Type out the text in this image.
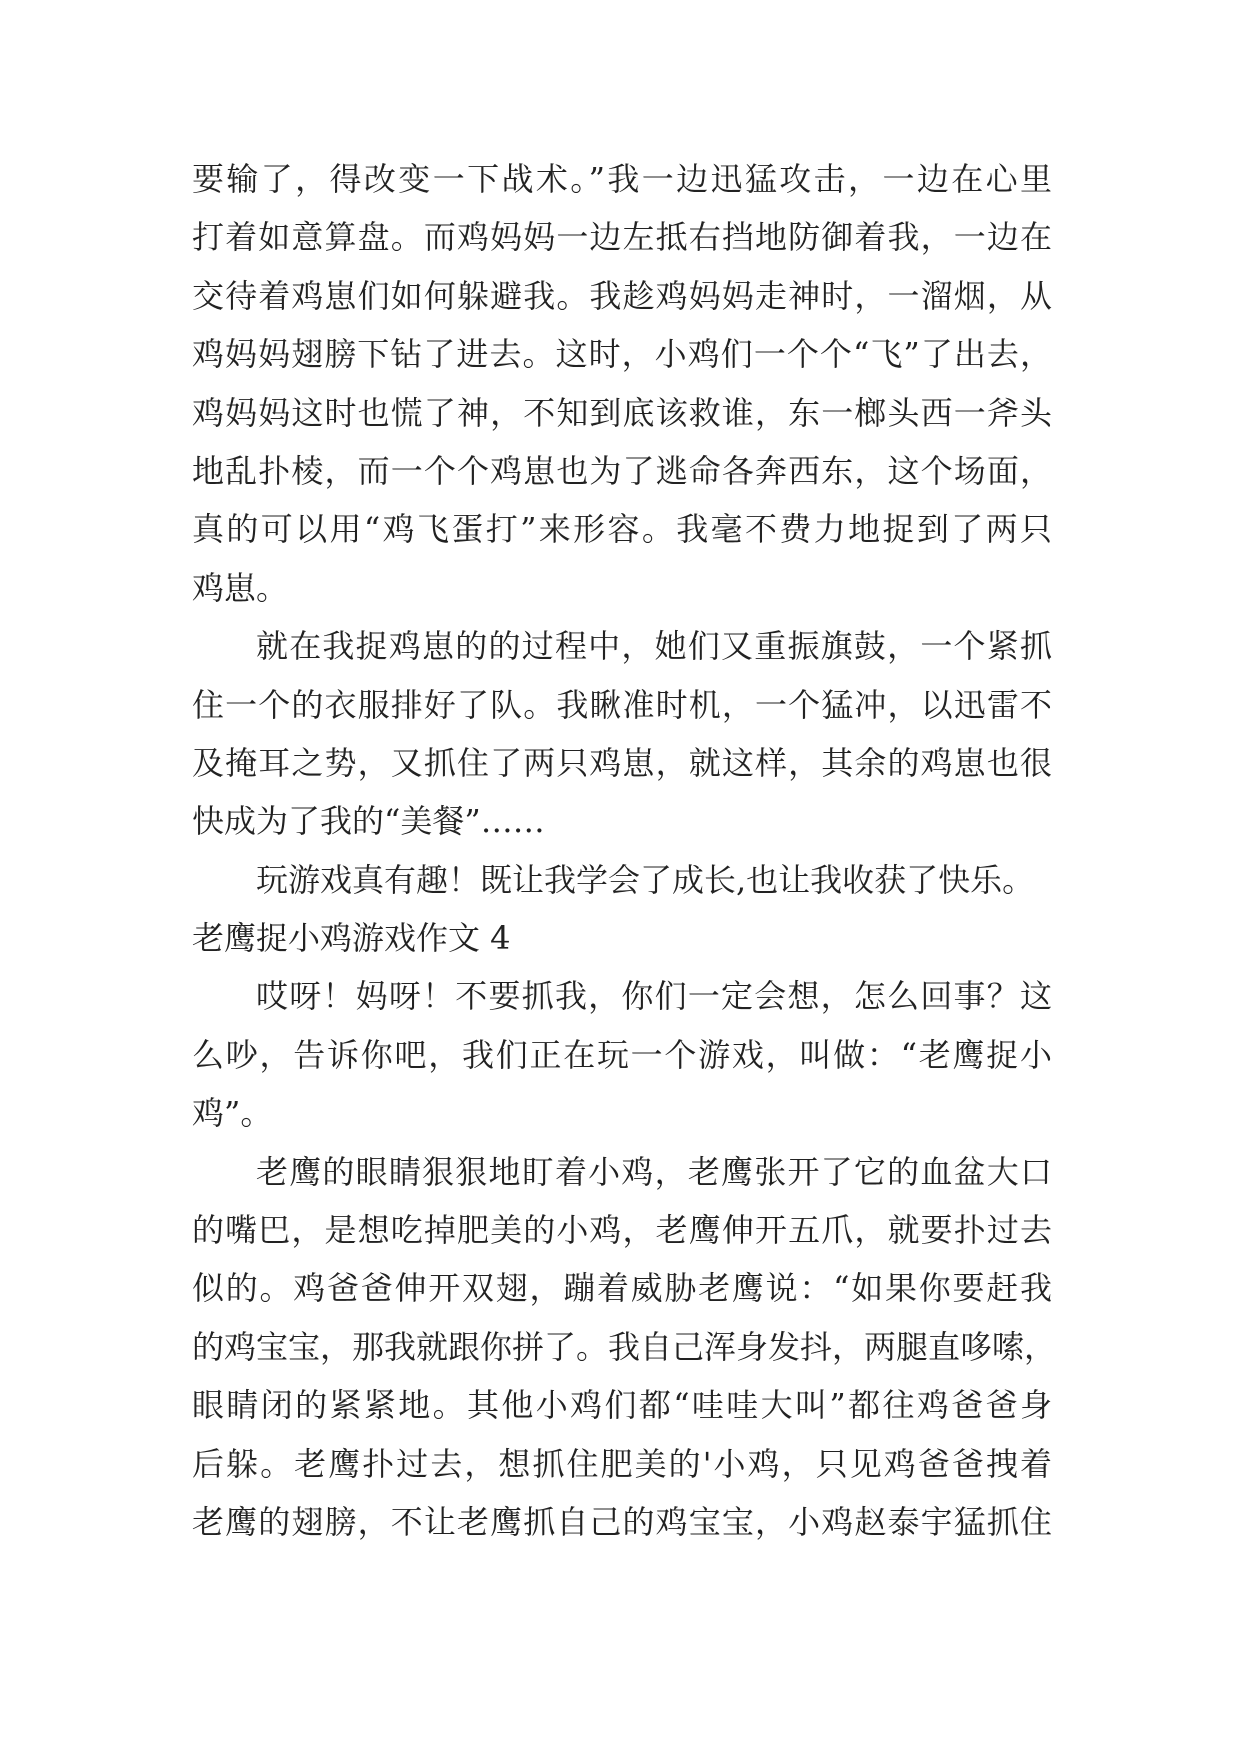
要输了，得改变一下战术。”我一边迅猛攻击，一边在心里
打着如意算盘。而鸡妈妈一边左抵右挡地防御着我，一边在
交待着鸡崽们如何躲避我。我趁鸡妈妈走神时，一溜烟，从
鸡妈妈翅膀下钻了进去。这时，小鸡们一个个“飞”了出去，
鸡妈妈这时也慌了神，不知到底该救谁，东一榔头西一斧头
地乱扑棱，而一个个鸡崽也为了逃命各奔西东，这个场面，
真的可以用“鸡飞蛋打”来形容。我毫不费力地捉到了两只
鸡崽。
就在我捉鸡崽的的过程中，她们又重振旗鼓，一个紧抓
住一个的衣服排好了队。我瞅准时机，一个猛冲，以迅雷不
及掩耳之势，又抓住了两只鸡崽，就这样，其余的鸡崽也很
快成为了我的“美餐”……
玩游戏真有趣！既让我学会了成长,也让我收获了快乐。
老鹰捉小鸡游戏作文 4
哎呀！妈呀！不要抓我，你们一定会想，怎么回事？这
么吵，告诉你吧，我们正在玩一个游戏，叫做：“老鹰捉小
鸡”。
老鹰的眼睛狠狠地盯着小鸡，老鹰张开了它的血盆大口
的嘴巴，是想吃掉肥美的小鸡，老鹰伸开五爪，就要扑过去
似的。鸡爸爸伸开双翅，蹦着威胁老鹰说：“如果你要赶我
的鸡宝宝，那我就跟你拼了。我自己浑身发抖，两腿直哆嗦，
眼睛闭的紧紧地。其他小鸡们都“哇哇大叫”都往鸡爸爸身
后躲。老鹰扑过去，想抓住肥美的'小鸡，只见鸡爸爸拽着
老鹰的翅膀，不让老鹰抓自己的鸡宝宝，小鸡赵泰宇猛抓住
